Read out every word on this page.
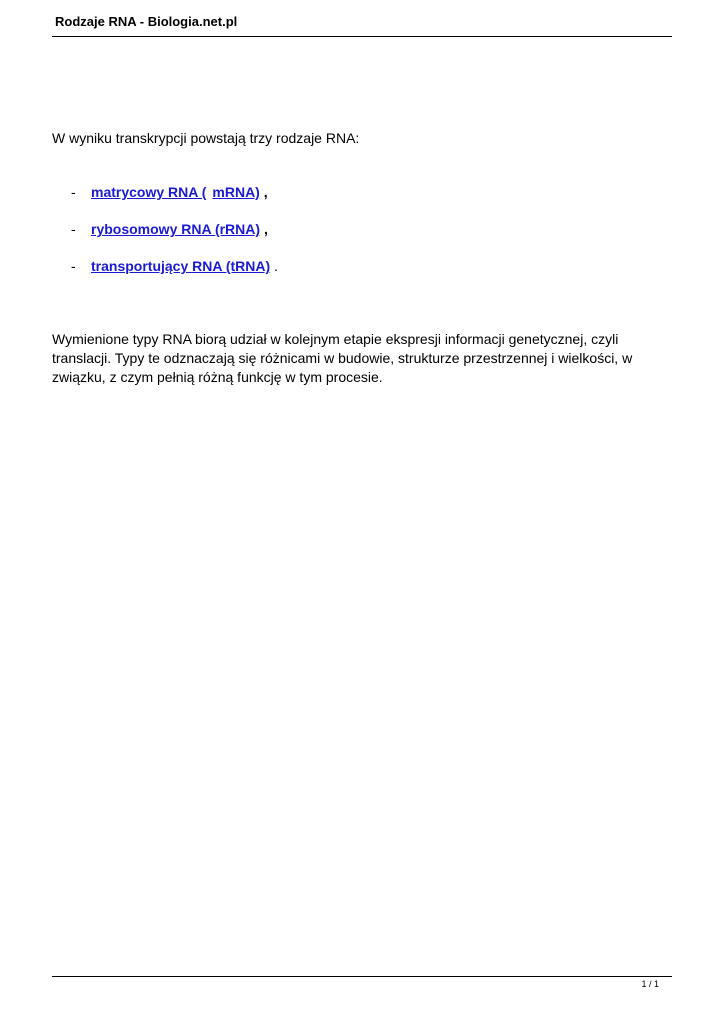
Rodzaje RNA - Biologia.net.pl
W wyniku transkrypcji powstają trzy rodzaje RNA:
- matrycowy RNA ( mRNA) ,
- rybosomowy RNA (rRNA) ,
- transportujący RNA (tRNA) .

Wymienione typy RNA biorą udział w kolejnym etapie ekspresji informacji genetycznej, czyli translacji. Typy te odznaczają się różnicami w budowie, strukturze przestrzennej i wielkości, w związku, z czym pełnią różną funkcję w tym procesie.

1 / 1
